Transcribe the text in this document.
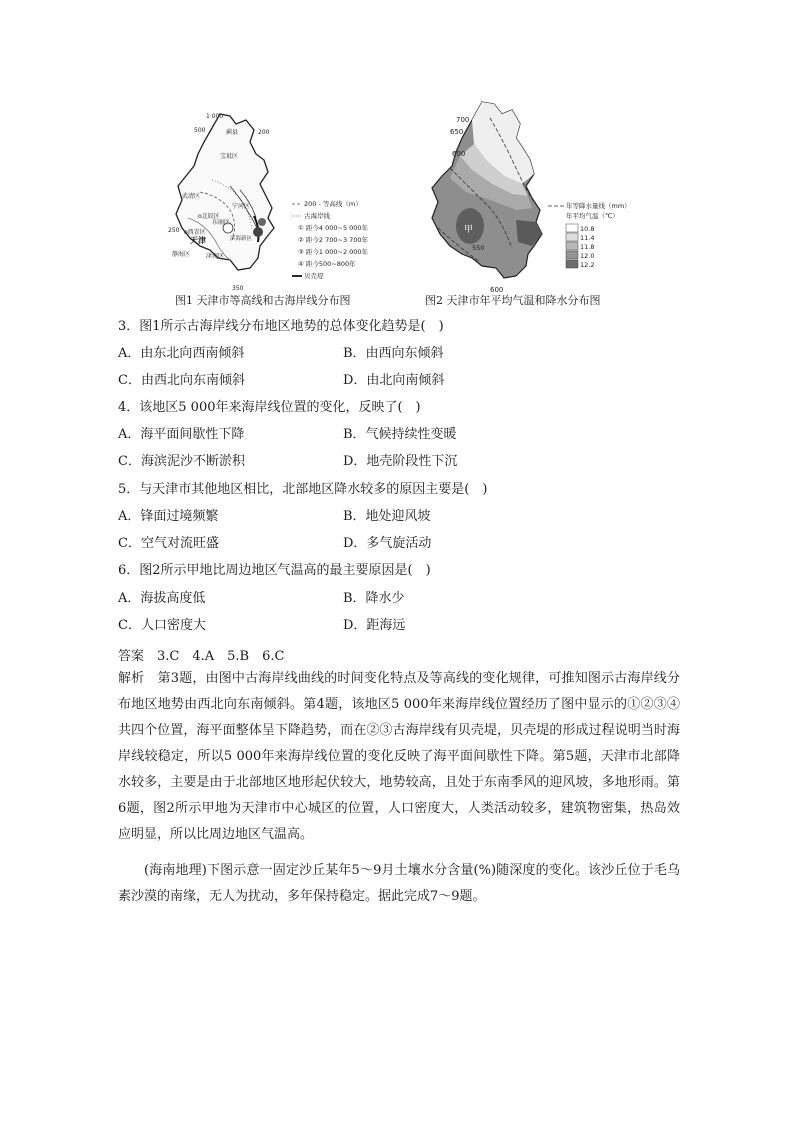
1 000
500	200
250
350
蓟县
宝坻区
武清区
宁河区
o北辰区
东丽区
o西青区
天津	滨海新区
津南区
静海区
200 - 等高线（m）
古海岸线
① 距今4 000~5 000年
② 距今2 700~3 700年
③ 距今1 000~2 000年
④ 距今500~800年
贝壳堤
图1 天津市等高线和古海岸线分布图
700
650
600
550
600
甲
年等降水量线（mm）
年平均气温（℃）
10.8
11.4
11.8
12.0
12.2
图2 天津市年平均气温和降水分布图
3．图1所示古海岸线分布地区地势的总体变化趋势是(　)
A．由东北向西南倾斜	B．由西向东倾斜
C．由西北向东南倾斜	D．由北向南倾斜
4．该地区5 000年来海岸线位置的变化，反映了(　)
A．海平面间歇性下降	B．气候持续性变暖
C．海滨泥沙不断淤积	D．地壳阶段性下沉
5．与天津市其他地区相比，北部地区降水较多的原因主要是(　)
A．锋面过境频繁	B．地处迎风坡
C．空气对流旺盛	D．多气旋活动
6．图2所示甲地比周边地区气温高的最主要原因是(　)
A．海拔高度低	B．降水少
C．人口密度大	D．距海远
答案　3.C　4.A　5.B　6.C
解析　第3题，由图中古海岸线曲线的时间变化特点及等高线的变化规律，可推知图示古海岸线分布地区地势由西北向东南倾斜。第4题，该地区5 000年来海岸线位置经历了图中显示的①②③④共四个位置，海平面整体呈下降趋势，而在②③古海岸线有贝壳堤，贝壳堤的形成过程说明当时海岸线较稳定，所以5 000年来海岸线位置的变化反映了海平面间歇性下降。第5题，天津市北部降水较多，主要是由于北部地区地形起伏较大，地势较高，且处于东南季风的迎风坡，多地形雨。第6题，图2所示甲地为天津市中心城区的位置，人口密度大，人类活动较多，建筑物密集，热岛效应明显，所以比周边地区气温高。
(海南地理)下图示意一固定沙丘某年5～9月土壤水分含量(%)随深度的变化。该沙丘位于毛乌素沙漠的南缘，无人为扰动，多年保持稳定。据此完成7～9题。
